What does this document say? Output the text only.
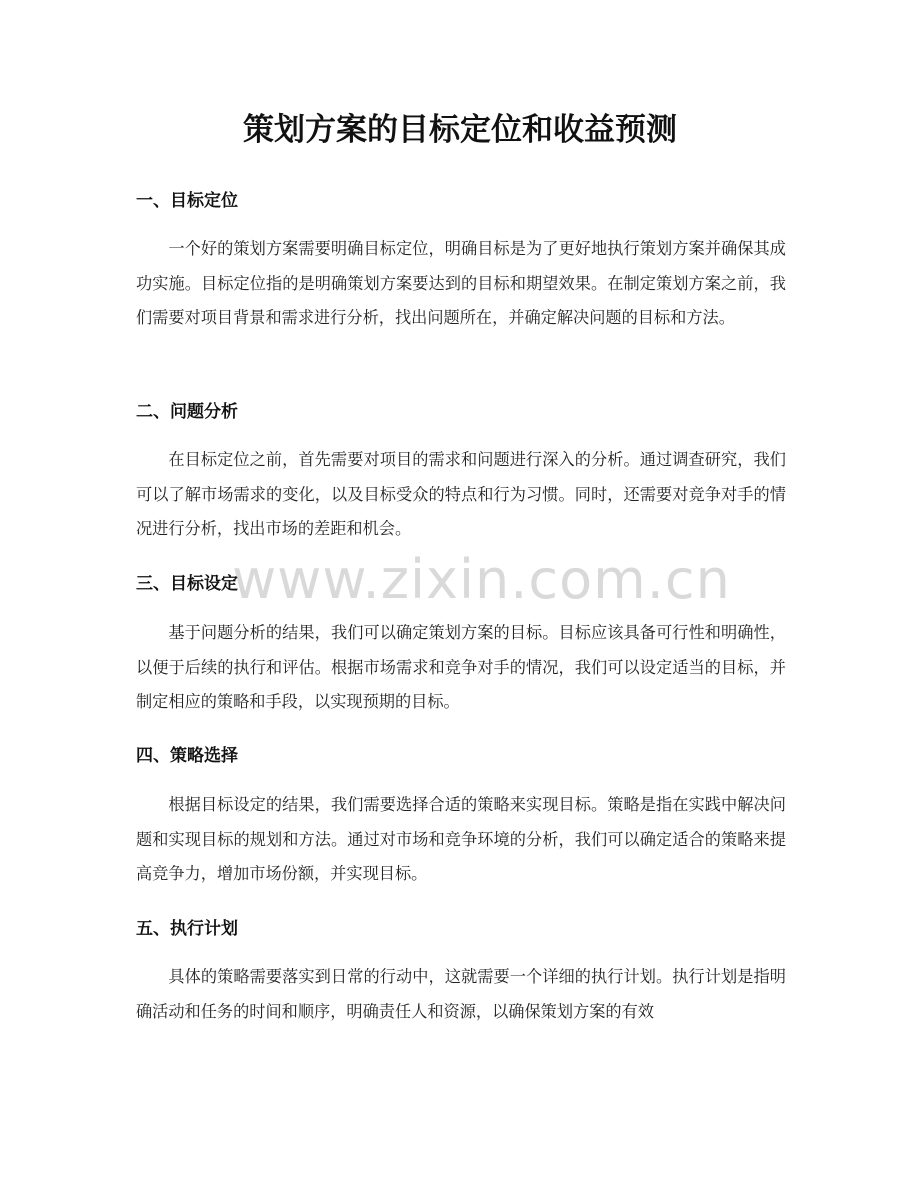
策划方案的目标定位和收益预测
一、目标定位

一个好的策划方案需要明确目标定位，明确目标是为了更好地执行策划方案并确保其成功实施。目标定位指的是明确策划方案要达到的目标和期望效果。在制定策划方案之前，我们需要对项目背景和需求进行分析，找出问题所在，并确定解决问题的目标和方法。

二、问题分析

在目标定位之前，首先需要对项目的需求和问题进行深入的分析。通过调查研究，我们可以了解市场需求的变化，以及目标受众的特点和行为习惯。同时，还需要对竞争对手的情况进行分析，找出市场的差距和机会。

三、目标设定

基于问题分析的结果，我们可以确定策划方案的目标。目标应该具备可行性和明确性，以便于后续的执行和评估。根据市场需求和竞争对手的情况，我们可以设定适当的目标，并制定相应的策略和手段，以实现预期的目标。

四、策略选择

根据目标设定的结果，我们需要选择合适的策略来实现目标。策略是指在实践中解决问题和实现目标的规划和方法。通过对市场和竞争环境的分析，我们可以确定适合的策略来提高竞争力，增加市场份额，并实现目标。

五、执行计划

具体的策略需要落实到日常的行动中，这就需要一个详细的执行计划。执行计划是指明确活动和任务的时间和顺序，明确责任人和资源，以确保策划方案的有效

www.zixin.com.cn
